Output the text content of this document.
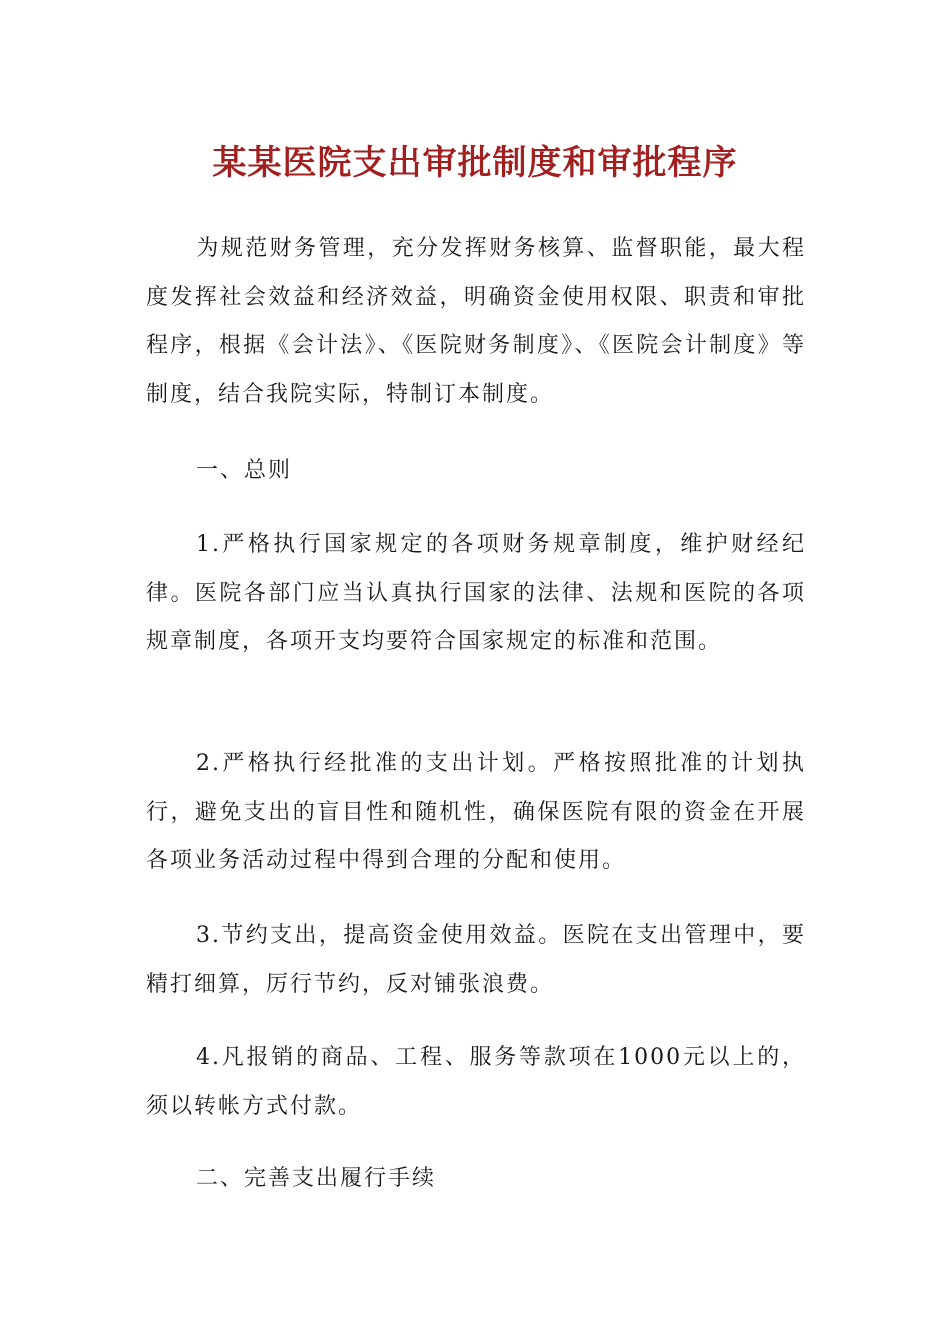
某某医院支出审批制度和审批程序

为规范财务管理，充分发挥财务核算、监督职能，最大程度发挥社会效益和经济效益，明确资金使用权限、职责和审批程序，根据《会计法》、《医院财务制度》、《医院会计制度》等制度，结合我院实际，特制订本制度。

一、总则

1.严格执行国家规定的各项财务规章制度，维护财经纪律。医院各部门应当认真执行国家的法律、法规和医院的各项规章制度，各项开支均要符合国家规定的标准和范围。

2.严格执行经批准的支出计划。严格按照批准的计划执行，避免支出的盲目性和随机性，确保医院有限的资金在开展各项业务活动过程中得到合理的分配和使用。

3.节约支出，提高资金使用效益。医院在支出管理中，要精打细算，厉行节约，反对铺张浪费。

4.凡报销的商品、工程、服务等款项在1000元以上的，须以转帐方式付款。

二、完善支出履行手续
